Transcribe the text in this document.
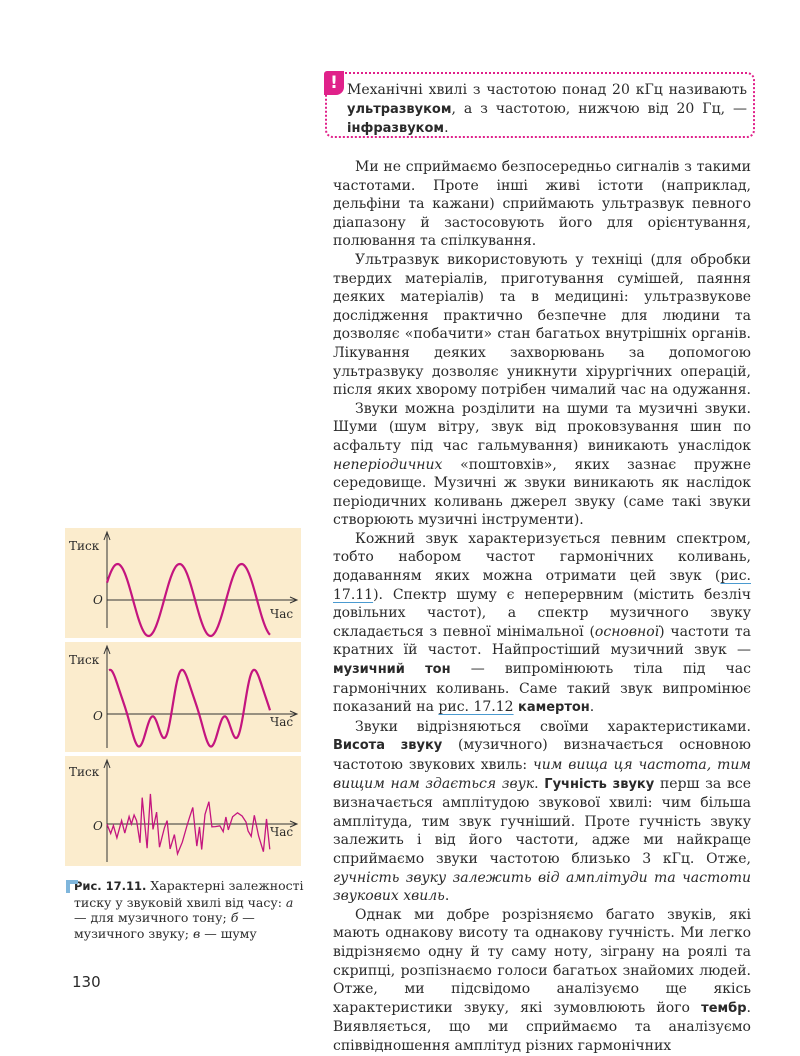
! Механічні хвилі з частотою понад 20 кГц називають ультразвуком, а з частотою, нижчою від 20 Гц, — інфразвуком.

Ми не сприймаємо безпосередньо сигналів з такими частотами. Проте інші живі істоти (наприклад, дельфіни та кажани) сприймають ультразвук певного діапазону й застосовують його для орієнтування, полювання та спілкування.

Ультразвук використовують у техніці (для обробки твердих матеріалів, приготування сумішей, паяння деяких матеріалів) та в медицині: ультразвукове дослідження практично безпечне для людини та дозволяє «побачити» стан багатьох внутрішніх органів. Лікування деяких захворювань за допомогою ультразвуку дозволяє уникнути хірургічних операцій, після яких хворому потрібен чималий час на одужання.

Звуки можна розділити на шуми та музичні звуки. Шуми (шум вітру, звук від проковзування шин по асфальту під час гальмування) виникають унаслідок неперіодичних «поштовхів», яких зазнає пружне середовище. Музичні ж звуки виникають як наслідок періодичних коливань джерел звуку (саме такі звуки створюють музичні інструменти).

Кожний звук характеризується певним спектром, тобто набором частот гармонічних коливань, додаванням яких можна отримати цей звук (рис. 17.11). Спектр шуму є неперервним (містить безліч довільних частот), а спектр музичного звуку складається з певної мінімальної (основної) частоти та кратних їй частот. Найпростіший музичний звук — музичний тон — випромінюють тіла під час гармонічних коливань. Саме такий звук випромінює показаний на рис. 17.12 камертон.

Звуки відрізняються своїми характеристиками. Висота звуку (музичного) визначається основною частотою звукових хвиль: чим вища ця частота, тим вищим нам здається звук. Гучність звуку перш за все визначається амплітудою звукової хвилі: чим більша амплітуда, тим звук гучніший. Проте гучність звуку залежить і від його частоти, адже ми найкраще сприймаємо звуки частотою близько 3 кГц. Отже, гучність звуку залежить від амплітуди та частоти звукових хвиль.

Однак ми добре розрізняємо багато звуків, які мають однакову висоту та однакову гучність. Ми легко відрізняємо одну й ту саму ноту, зіграну на роялі та скрипці, розпізнаємо голоси багатьох знайомих людей. Отже, ми підсвідомо аналізуємо ще якісь характеристики звуку, які зумовлюють його тембр. Виявляється, що ми сприймаємо та аналізуємо співвідношення амплітуд різних гармонічних

Тиск
O
Час
Тиск
O	Час
Тиск
O	Час
Рис. 17.11. Характерні залежності тиску у звуковій хвилі від часу: а — для музичного тону; б — музичного звуку; в — шуму
130
